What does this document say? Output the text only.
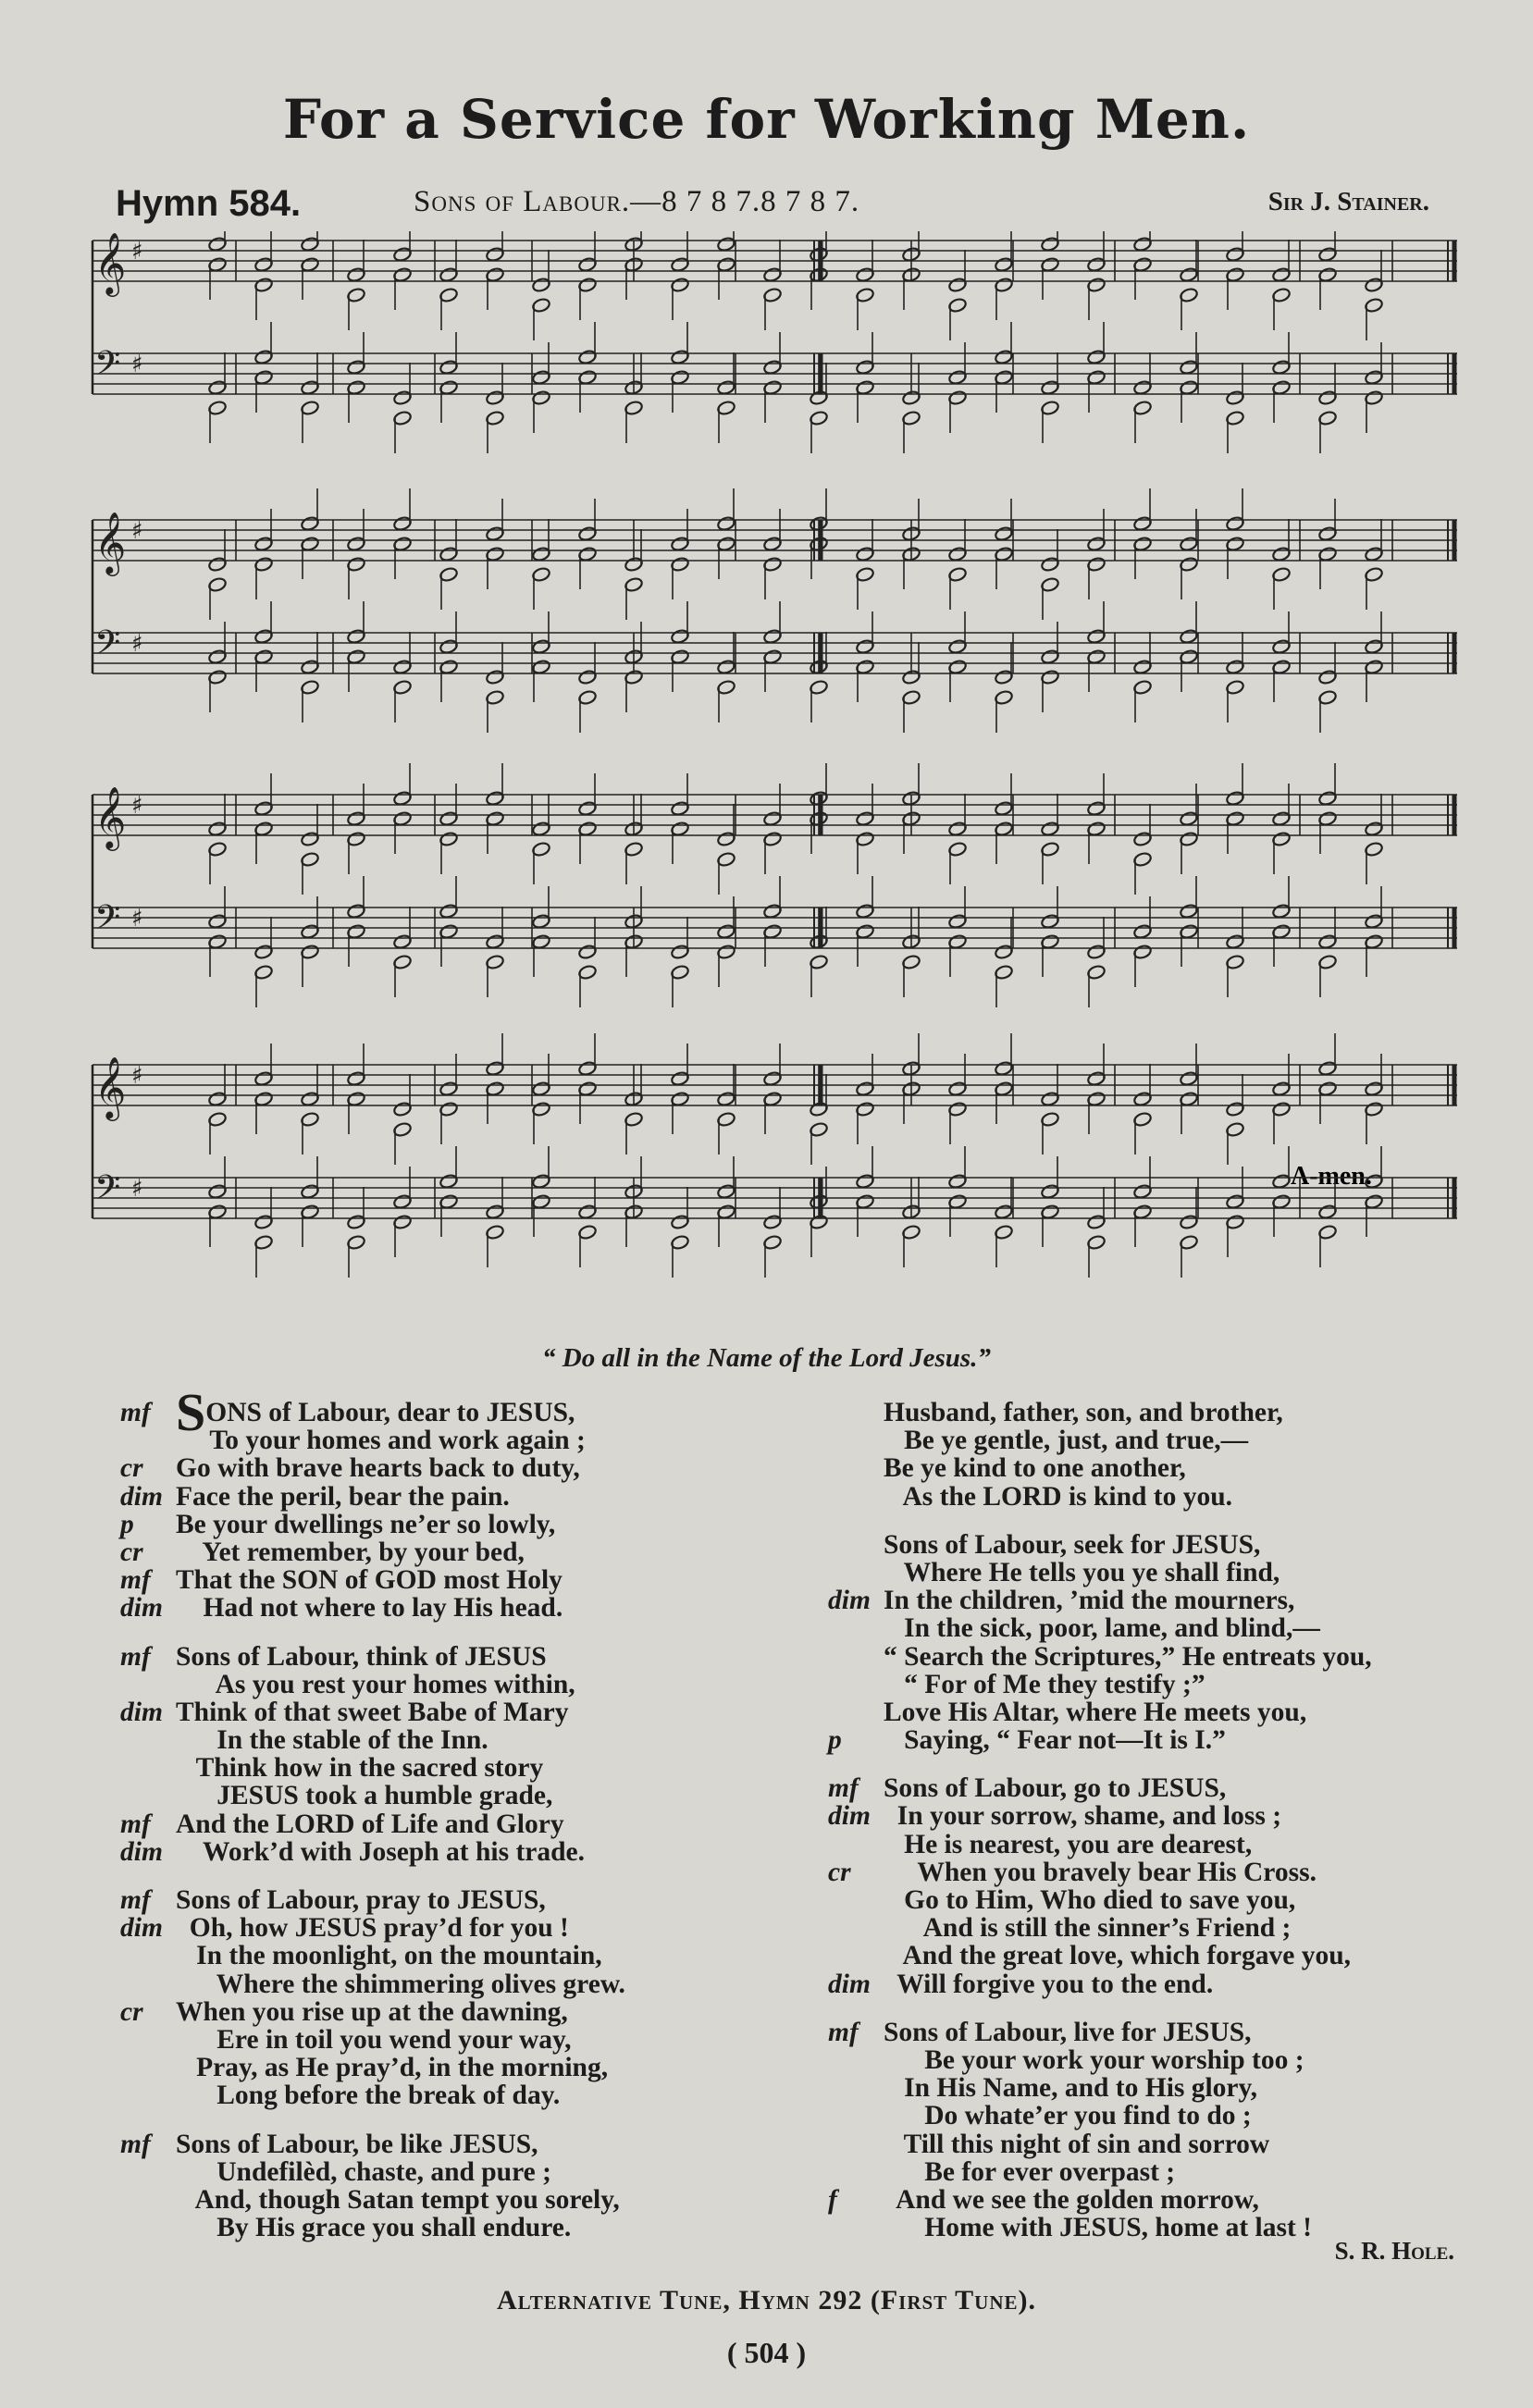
For a Service for Working Men.
Hymn 584.	Sons of Labour.—8 7 8 7.8 7 8 7.	Sir J. Stainer.
A-men.
𝄞 ♯
𝄢 ♯
𝄞 ♯
𝄢 ♯
𝄞 ♯
𝄢 ♯
𝄞 ♯
𝄢 ♯
“ Do all in the Name of the Lord Jesus.”
mf SONS of Labour, dear to JESUS,
To your homes and work again ;
cr	Go with brave hearts back to duty,
dim Face the peril, bear the pain.
p	Be your dwellings ne’er so lowly,
cr	Yet remember, by your bed,
mf That the SON of GOD most Holy
dim Had not where to lay His head.
mf Sons of Labour, think of JESUS
As you rest your homes within,
dim Think of that sweet Babe of Mary
In the stable of the Inn.
Think how in the sacred story
JESUS took a humble grade,
mf And the LORD of Life and Glory
dim Work’d with Joseph at his trade.
mf Sons of Labour, pray to JESUS,
dim Oh, how JESUS pray’d for you !
In the moonlight, on the mountain,
Where the shimmering olives grew.
cr	When you rise up at the dawning,
Ere in toil you wend your way,
Pray, as He pray’d, in the morning,
Long before the break of day.
mf Sons of Labour, be like JESUS,
Undefilèd, chaste, and pure ;
And, though Satan tempt you sorely,
By His grace you shall endure.
Husband, father, son, and brother,
Be ye gentle, just, and true,—
Be ye kind to one another,
As the LORD is kind to you.
Sons of Labour, seek for JESUS,
Where He tells you ye shall find,
dim In the children, ’mid the mourners,
In the sick, poor, lame, and blind,—
“ Search the Scriptures,” He entreats you,
“ For of Me they testify ;”
Love His Altar, where He meets you,
p	Saying, “ Fear not—It is I.”
mf Sons of Labour, go to JESUS,
dim In your sorrow, shame, and loss ;
He is nearest, you are dearest,
cr	When you bravely bear His Cross.
Go to Him, Who died to save you,
And is still the sinner’s Friend ;
And the great love, which forgave you,
dim Will forgive you to the end.
mf Sons of Labour, live for JESUS,
Be your work your worship too ;
In His Name, and to His glory,
Do whate’er you find to do ;
Till this night of sin and sorrow
Be for ever overpast ;
f	And we see the golden morrow,
Home with JESUS, home at last !
S. R. Hole.
Alternative Tune, Hymn 292 (First Tune).
( 504 )
